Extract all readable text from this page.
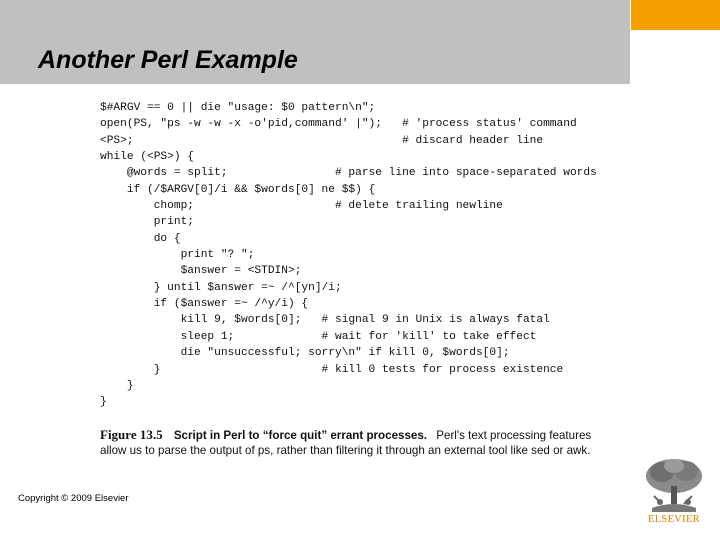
Another Perl Example
$#ARGV == 0 || die "usage: $0 pattern\n";
open(PS, "ps -w -w -x -o'pid,command' |");   # 'process status' command
<PS>;                                        # discard header line
while (<PS>) {
@words = split;                # parse line into space-separated words
if (/$ARGV[0]/i && $words[0] ne $$) {
chomp;                     # delete trailing newline
print;
do {
print "? ";
$answer = <STDIN>;
} until $answer =~ /^[yn]/i;
if ($answer =~ /^y/i) {
kill 9, $words[0];   # signal 9 in Unix is always fatal
sleep 1;             # wait for 'kill' to take effect
die "unsuccessful; sorry\n" if kill 0, $words[0];
}                        # kill 0 tests for process existence
}
}
Figure 13.5 Script in Perl to “force quit” errant processes. Perl's text processing features allow us to parse the output of ps, rather than filtering it through an external tool like sed or awk.
Copyright © 2009 Elsevier
ELSEVIER
